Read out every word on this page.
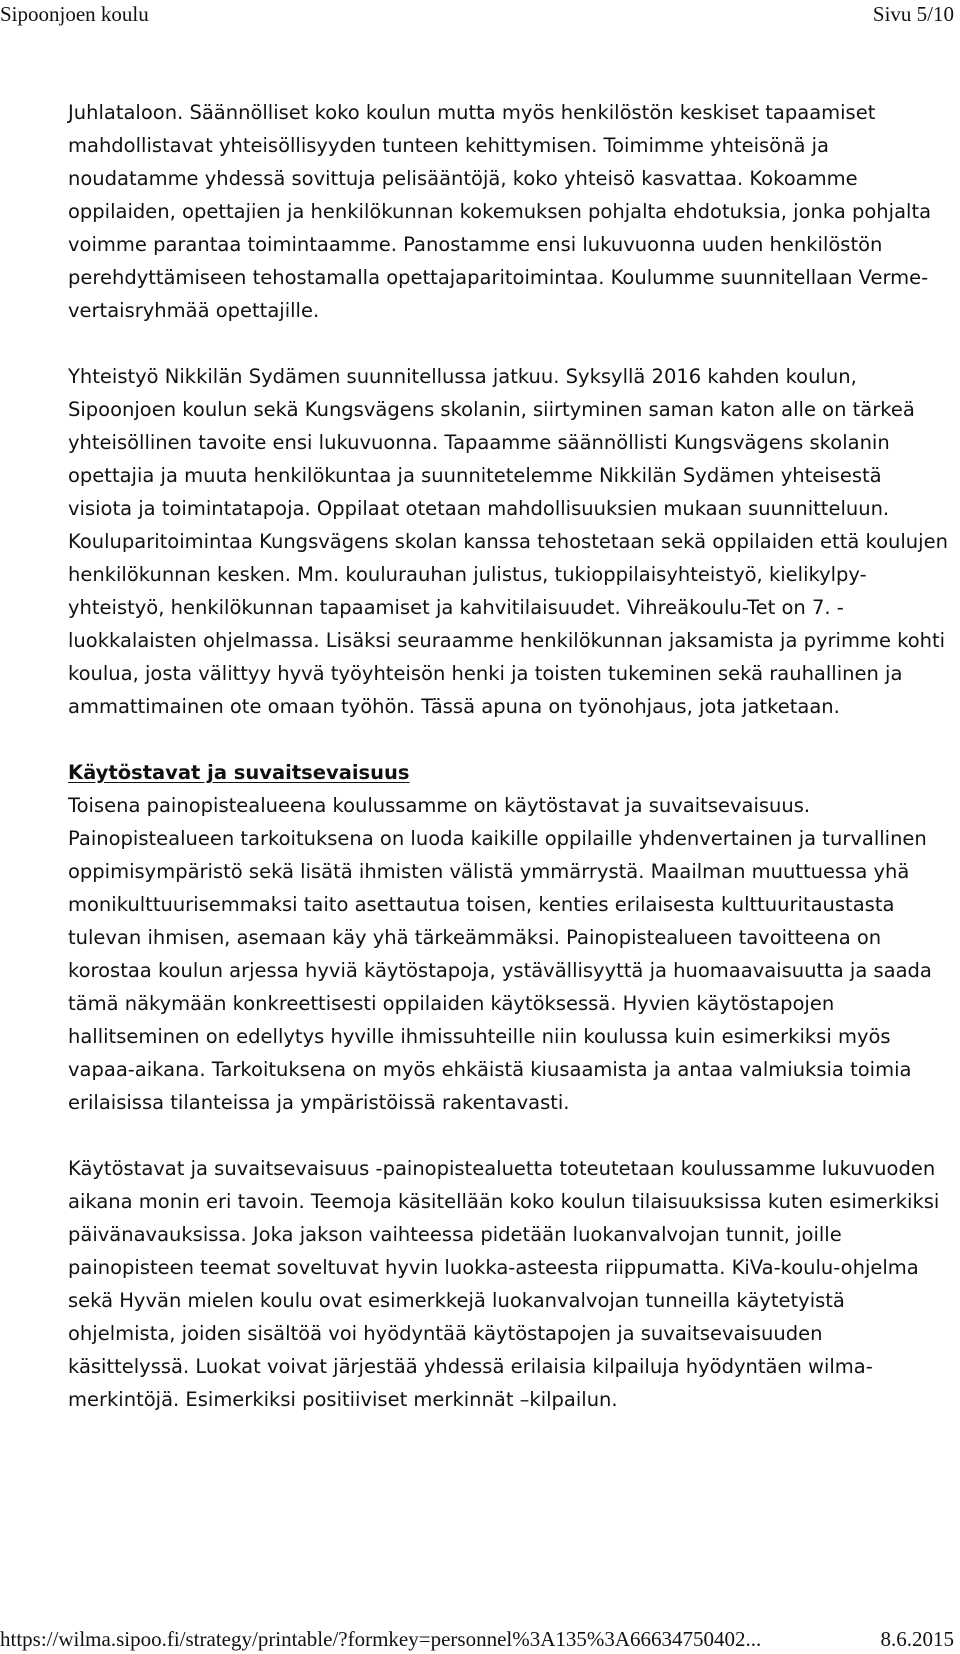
Sipoonjoen koulu	Sivu 5/10

Juhlataloon. Säännölliset koko koulun mutta myös henkilöstön keskiset tapaamiset mahdollistavat yhteisöllisyyden tunteen kehittymisen. Toimimme yhteisönä ja noudatamme yhdessä sovittuja pelisääntöjä, koko yhteisö kasvattaa. Kokoamme oppilaiden, opettajien ja henkilökunnan kokemuksen pohjalta ehdotuksia, jonka pohjalta voimme parantaa toimintaamme. Panostamme ensi lukuvuonna uuden henkilöstön perehdyttämiseen tehostamalla opettajaparitoimintaa. Koulumme suunnitellaan Verme-vertaisryhmää opettajille.

Yhteistyö Nikkilän Sydämen suunnitellussa jatkuu. Syksyllä 2016 kahden koulun, Sipoonjoen koulun sekä Kungsvägens skolanin, siirtyminen saman katon alle on tärkeä yhteisöllinen tavoite ensi lukuvuonna. Tapaamme säännöllisti Kungsvägens skolanin opettajia ja muuta henkilökuntaa ja suunnitetelemme Nikkilän Sydämen yhteisestä visiota ja toimintatapoja. Oppilaat otetaan mahdollisuuksien mukaan suunnitteluun. Kouluparitoimintaa Kungsvägens skolan kanssa tehostetaan sekä oppilaiden että koulujen henkilökunnan kesken. Mm. koulurauhan julistus, tukioppilaisyhteistyö, kielikylpy-yhteistyö, henkilökunnan tapaamiset ja kahvitilaisuudet. Vihreäkoulu-Tet on 7. -luokkalaisten ohjelmassa. Lisäksi seuraamme henkilökunnan jaksamista ja pyrimme kohti koulua, josta välittyy hyvä työyhteisön henki ja toisten tukeminen sekä rauhallinen ja ammattimainen ote omaan työhön. Tässä apuna on työnohjaus, jota jatketaan.

Käytöstavat ja suvaitsevaisuus

Toisena painopistealueena koulussamme on käytöstavat ja suvaitsevaisuus. Painopistealueen tarkoituksena on luoda kaikille oppilaille yhdenvertainen ja turvallinen oppimisympäristö sekä lisätä ihmisten välistä ymmärrystä. Maailman muuttuessa yhä monikulttuurisemmaksi taito asettautua toisen, kenties erilaisesta kulttuuritaustasta tulevan ihmisen, asemaan käy yhä tärkeämmäksi. Painopistealueen tavoitteena on korostaa koulun arjessa hyviä käytöstapoja, ystävällisyyttä ja huomaavaisuutta ja saada tämä näkymään konkreettisesti oppilaiden käytöksessä. Hyvien käytöstapojen hallitseminen on edellytys hyville ihmissuhteille niin koulussa kuin esimerkiksi myös vapaa-aikana. Tarkoituksena on myös ehkäistä kiusaamista ja antaa valmiuksia toimia erilaisissa tilanteissa ja ympäristöissä rakentavasti.

Käytöstavat ja suvaitsevaisuus -painopistealuetta toteutetaan koulussamme lukuvuoden aikana monin eri tavoin. Teemoja käsitellään koko koulun tilaisuuksissa kuten esimerkiksi päivänavauksissa. Joka jakson vaihteessa pidetään luokanvalvojan tunnit, joille painopisteen teemat soveltuvat hyvin luokka-asteesta riippumatta. KiVa-koulu-ohjelma sekä Hyvän mielen koulu ovat esimerkkejä luokanvalvojan tunneilla käytetyistä ohjelmista, joiden sisältöä voi hyödyntää käytöstapojen ja suvaitsevaisuuden käsittelyssä. Luokat voivat järjestää yhdessä erilaisia kilpailuja hyödyntäen wilma-merkintöjä. Esimerkiksi positiiviset merkinnät –kilpailun.

https://wilma.sipoo.fi/strategy/printable/?formkey=personnel%3A135%3A66634750402...	8.6.2015
